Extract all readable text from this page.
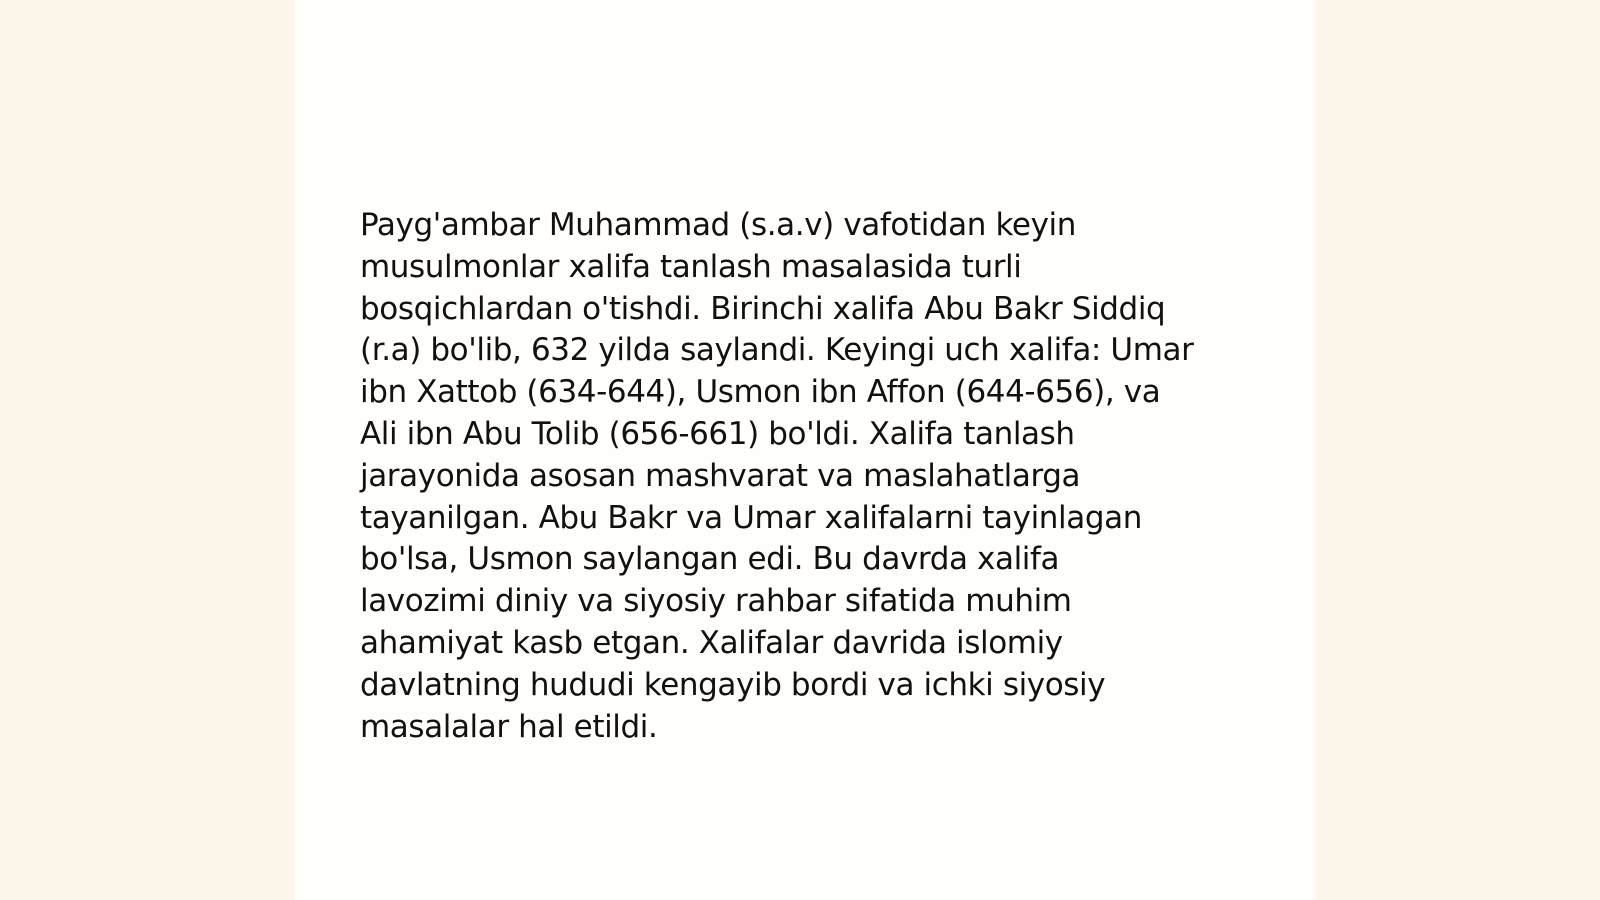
Payg'ambar Muhammad (s.a.v) vafotidan keyin
musulmonlar xalifa tanlash masalasida turli
bosqichlardan o'tishdi. Birinchi xalifa Abu Bakr Siddiq
(r.a) bo'lib, 632 yilda saylandi. Keyingi uch xalifa: Umar
ibn Xattob (634-644), Usmon ibn Affon (644-656), va
Ali ibn Abu Tolib (656-661) bo'ldi. Xalifa tanlash
jarayonida asosan mashvarat va maslahatlarga
tayanilgan. Abu Bakr va Umar xalifalarni tayinlagan
bo'lsa, Usmon saylangan edi. Bu davrda xalifa
lavozimi diniy va siyosiy rahbar sifatida muhim
ahamiyat kasb etgan. Xalifalar davrida islomiy
davlatning hududi kengayib bordi va ichki siyosiy
masalalar hal etildi.
